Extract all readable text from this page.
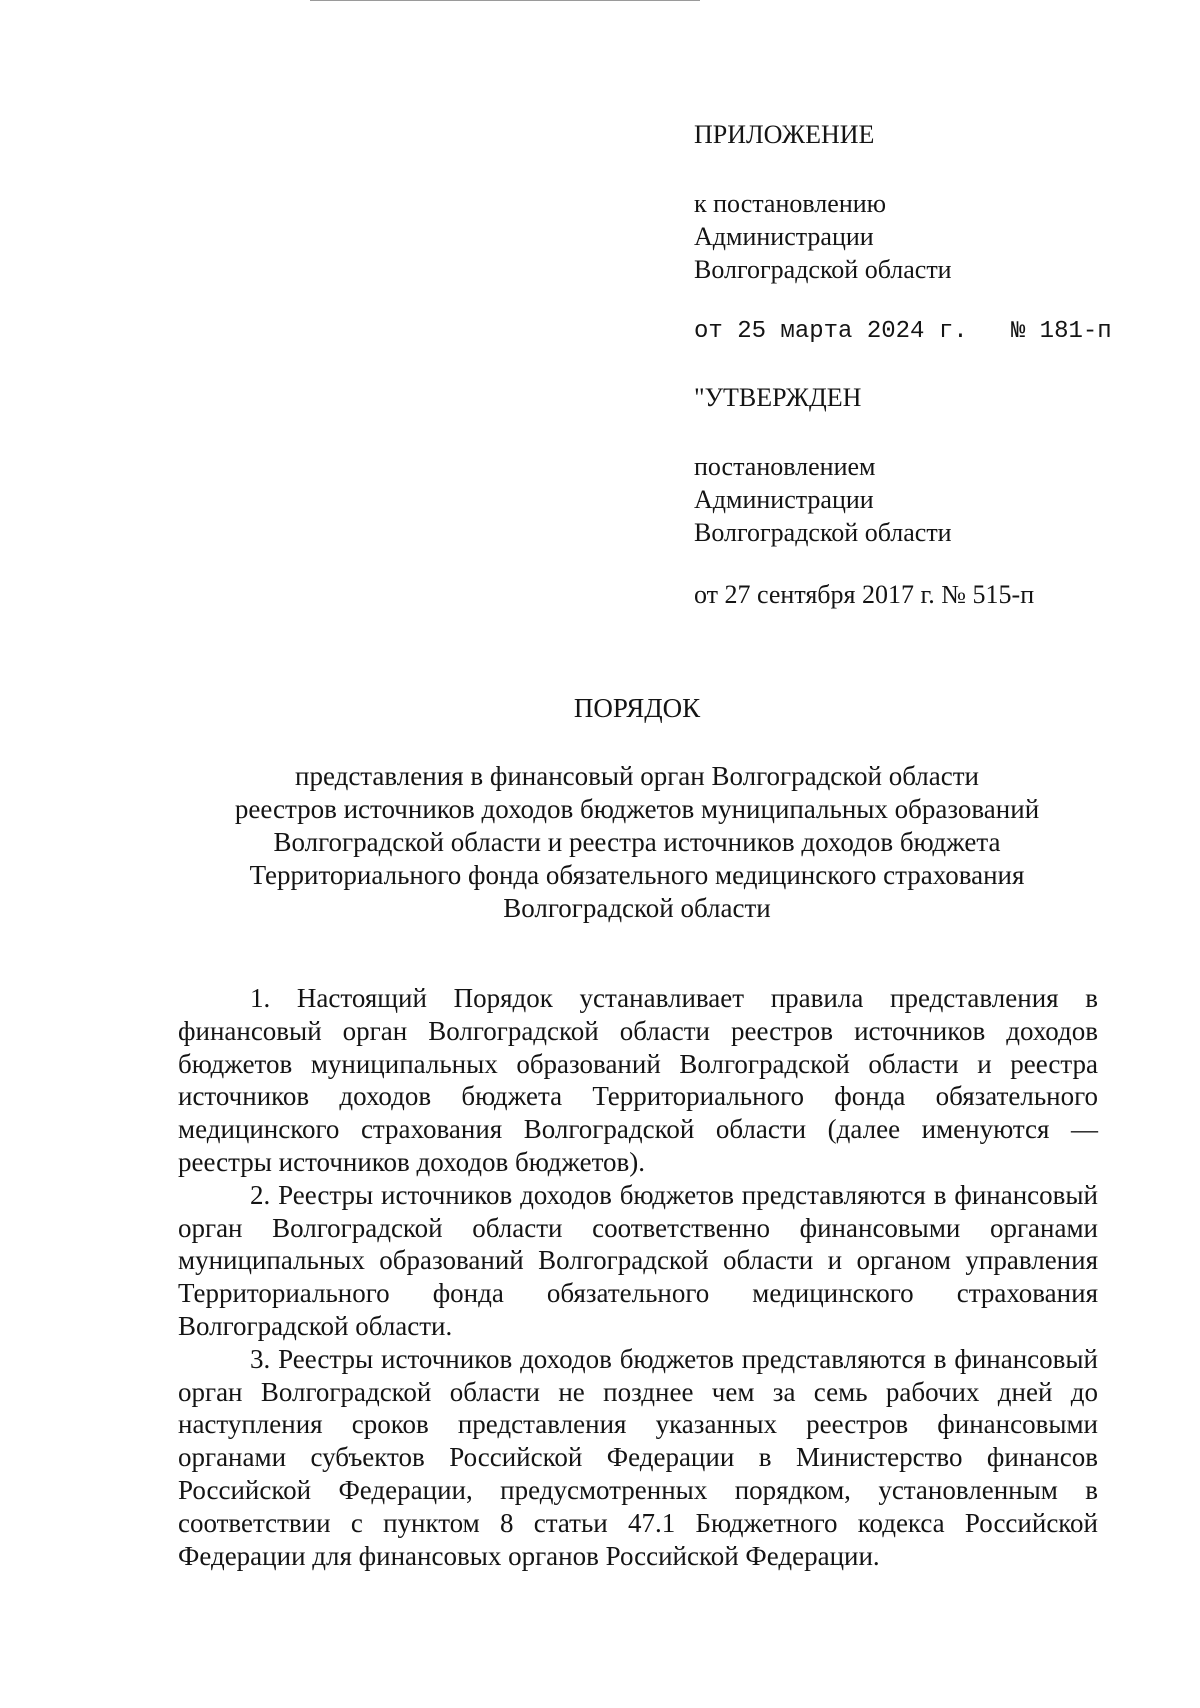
ПРИЛОЖЕНИЕ
к постановлению
Администрации
Волгоградской области
от 25 марта 2024 г. № 181-п
"УТВЕРЖДЕН
постановлением
Администрации
Волгоградской области
от 27 сентября 2017 г. № 515-п
ПОРЯДОК
представления в финансовый орган Волгоградской области
реестров источников доходов бюджетов муниципальных образований
Волгоградской области и реестра источников доходов бюджета
Территориального фонда обязательного медицинского страхования
Волгоградской области

1. Настоящий Порядок устанавливает правила представления в финансовый орган Волгоградской области реестров источников доходов бюджетов муниципальных образований Волгоградской области и реестра источников доходов бюджета Территориального фонда обязательного медицинского страхования Волгоградской области (далее именуются — реестры источников доходов бюджетов).

2. Реестры источников доходов бюджетов представляются в финансовый орган Волгоградской области соответственно финансовыми органами муниципальных образований Волгоградской области и органом управления Территориального фонда обязательного медицинского страхования Волгоградской области.

3. Реестры источников доходов бюджетов представляются в финансовый орган Волгоградской области не позднее чем за семь рабочих дней до наступления сроков представления указанных реестров финансовыми органами субъектов Российской Федерации в Министерство финансов Российской Федерации, предусмотренных порядком, установленным в соответствии с пунктом 8 статьи 47.1 Бюджетного кодекса Российской Федерации для финансовых органов Российской Федерации.
